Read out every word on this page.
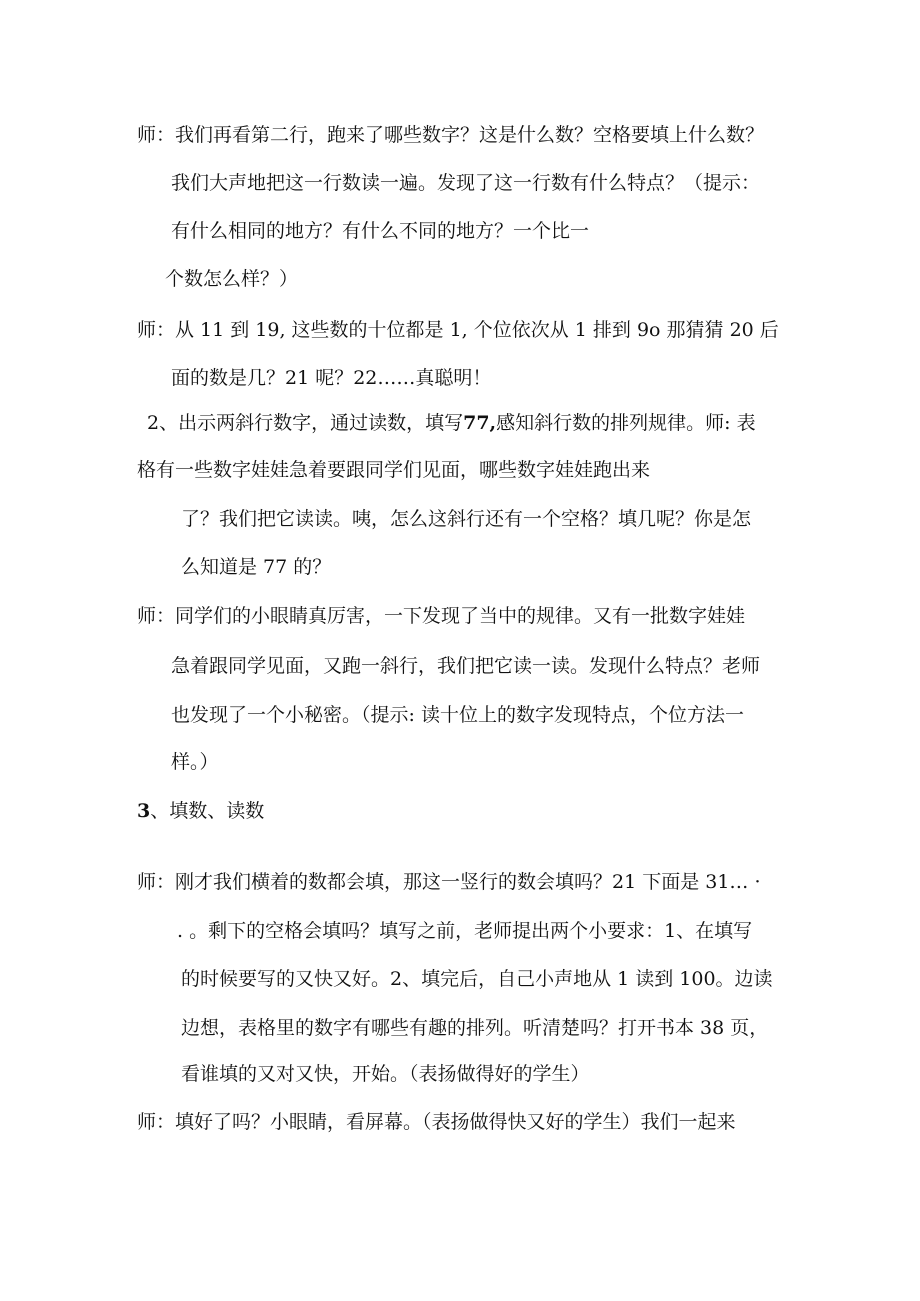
师：我们再看第二行，跑来了哪些数字？这是什么数？空格要填上什么数？
我们大声地把这一行数读一遍。发现了这一行数有什么特点？（提示：
有什么相同的地方？有什么不同的地方？一个比一
个数怎么样？）
师：从 11 到 19, 这些数的十位都是 1, 个位依次从 1 排到 9o 那猜猜 20 后
面的数是几？21 呢？22……真聪明！
2、出示两斜行数字，通过读数，填写77,感知斜行数的排列规律。师: 表
格有一些数字娃娃急着要跟同学们见面，哪些数字娃娃跑出来
了？我们把它读读。咦，怎么这斜行还有一个空格？填几呢？你是怎
么知道是 77 的？
师：同学们的小眼睛真厉害，一下发现了当中的规律。又有一批数字娃娃
急着跟同学见面，又跑一斜行，我们把它读一读。发现什么特点？老师
也发现了一个小秘密。（提示: 读十位上的数字发现特点，个位方法一
样。）
3、填数、读数
师：刚才我们横着的数都会填，那这一竖行的数会填吗？21 下面是 31… ·
. 。剩下的空格会填吗？填写之前，老师提出两个小要求：1、在填写
的时候要写的又快又好。2、填完后，自己小声地从 1 读到 100。边读
边想，表格里的数字有哪些有趣的排列。听清楚吗？打开书本 38 页，
看谁填的又对又快，开始。（表扬做得好的学生）
师：填好了吗？小眼睛，看屏幕。（表扬做得快又好的学生）我们一起来
